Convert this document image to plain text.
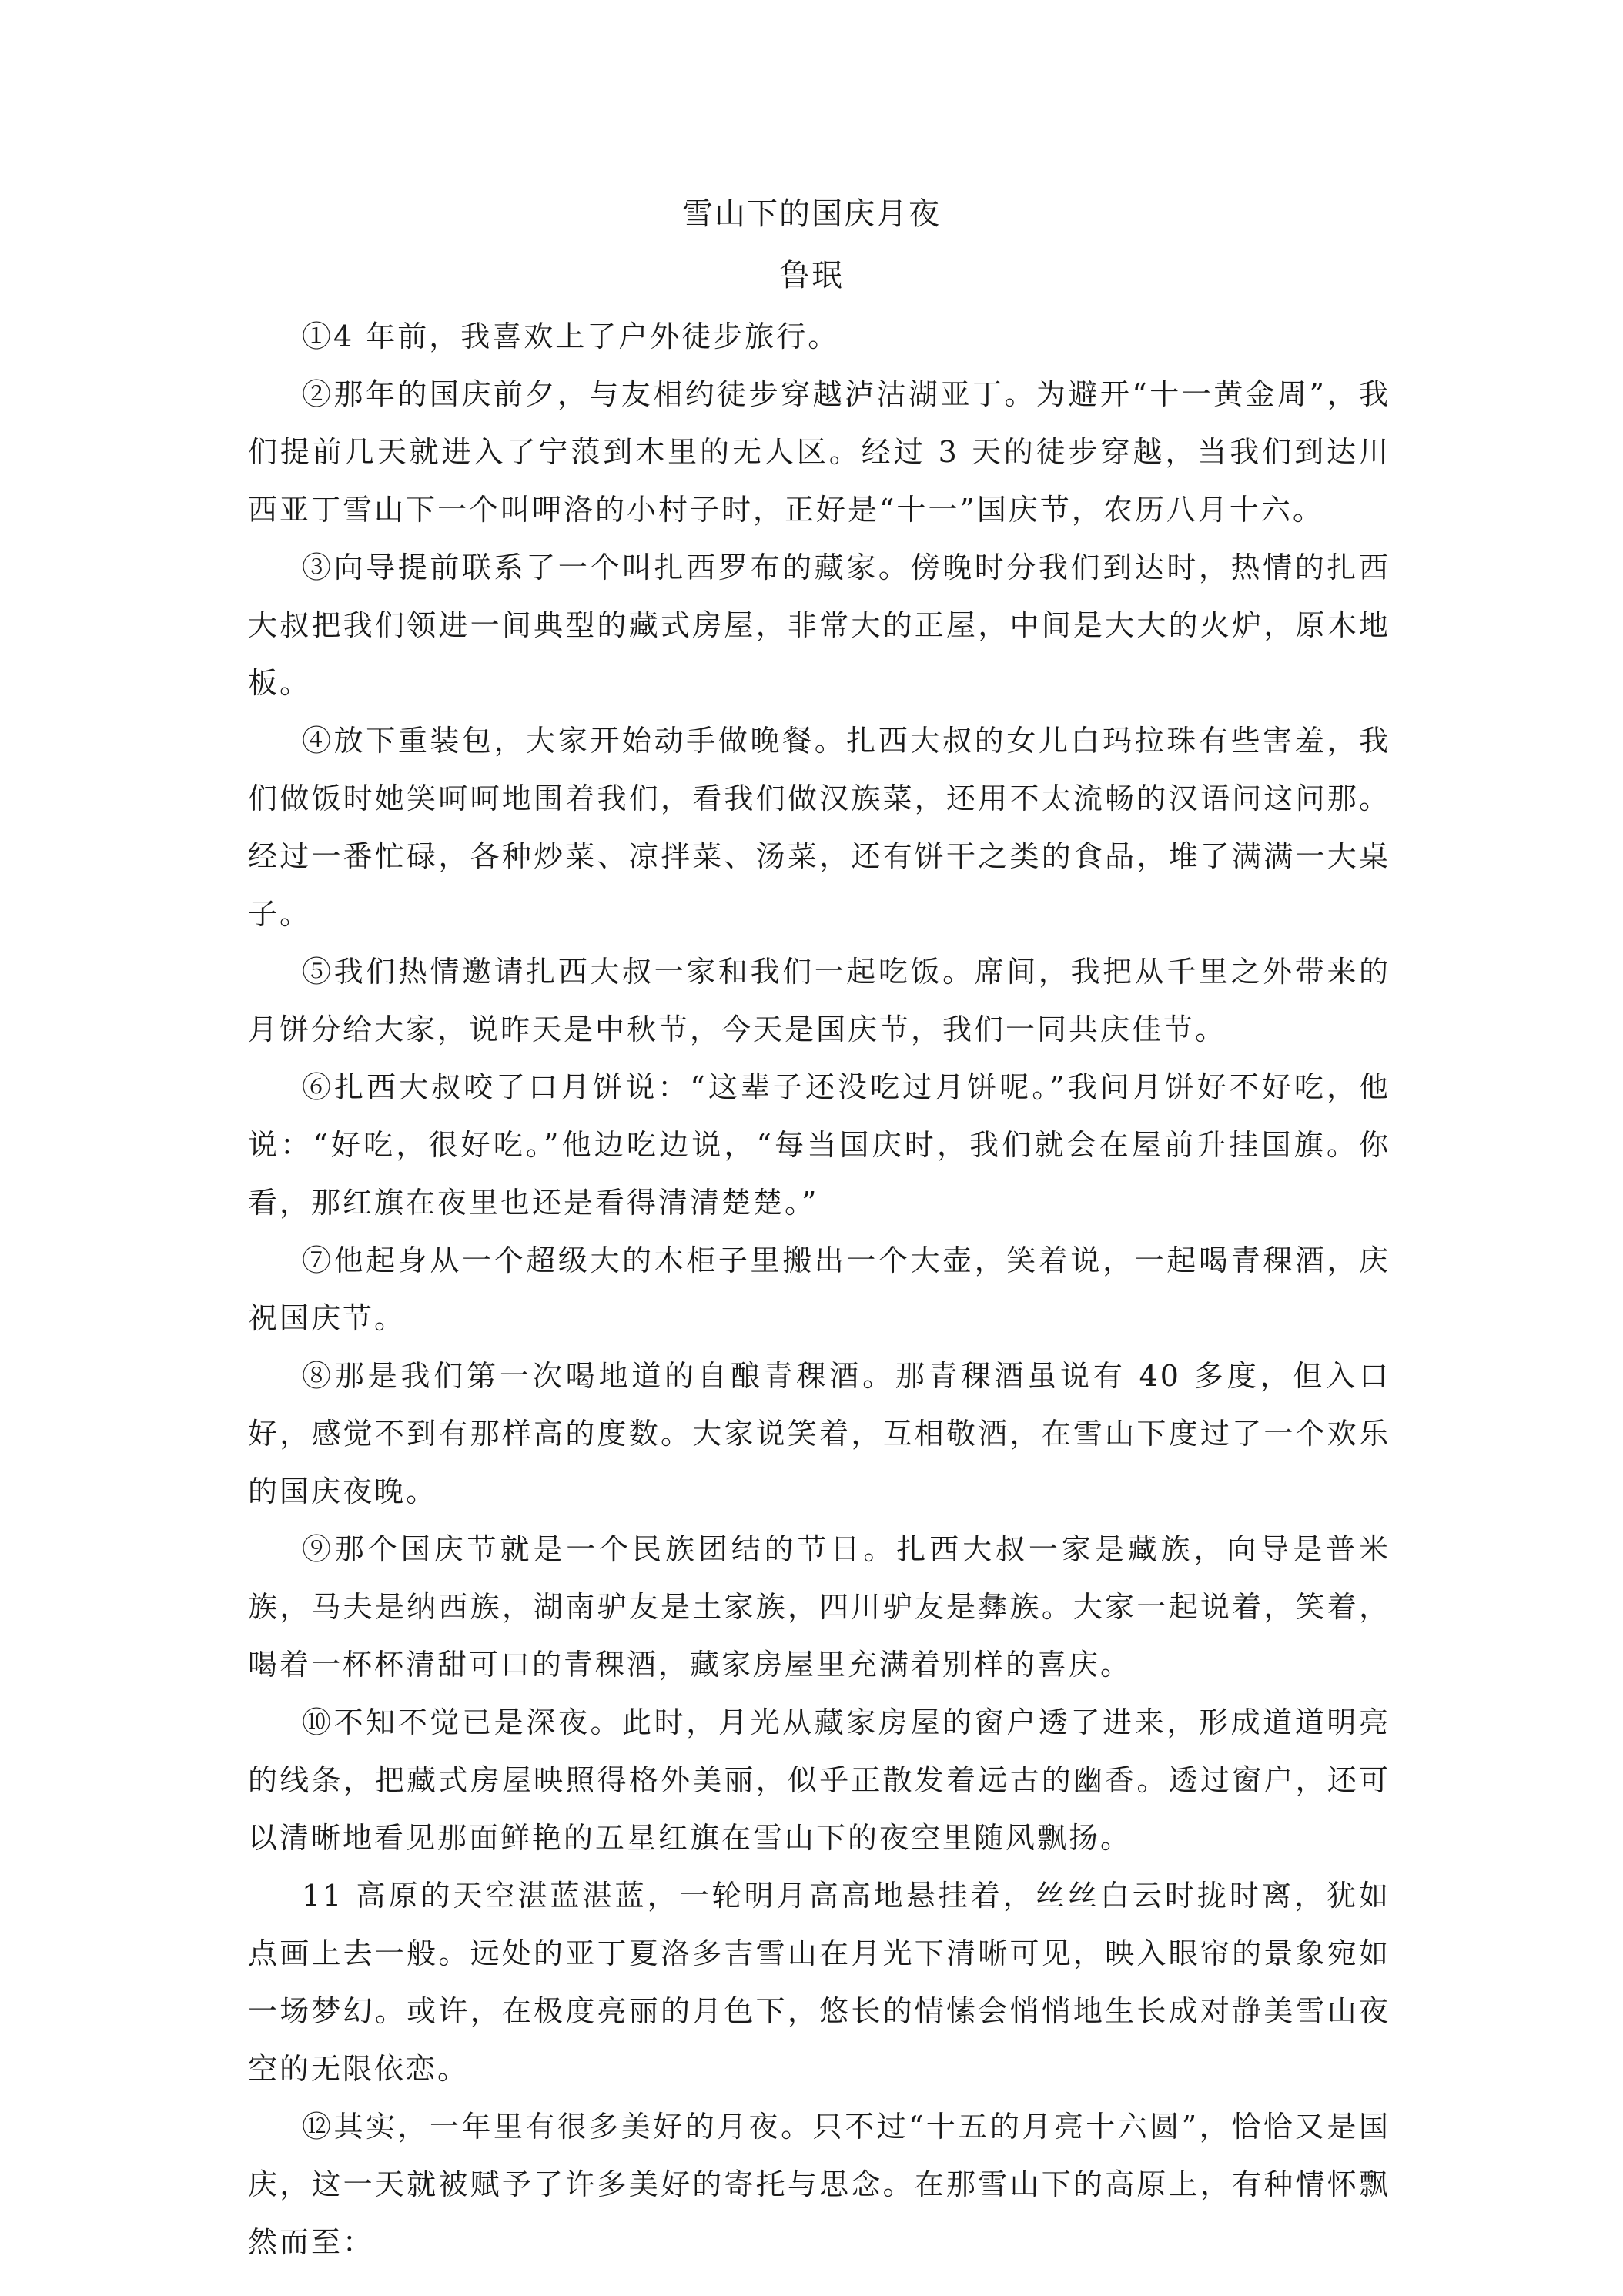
雪山下的国庆月夜
鲁珉

①4 年前，我喜欢上了户外徒步旅行。

②那年的国庆前夕，与友相约徒步穿越泸沽湖亚丁。为避开“十一黄金周”，我们提前几天就进入了宁蒗到木里的无人区。经过 3 天的徒步穿越，当我们到达川西亚丁雪山下一个叫呷洛的小村子时，正好是“十一”国庆节，农历八月十六。

③向导提前联系了一个叫扎西罗布的藏家。傍晚时分我们到达时，热情的扎西大叔把我们领进一间典型的藏式房屋，非常大的正屋，中间是大大的火炉，原木地板。

④放下重装包，大家开始动手做晚餐。扎西大叔的女儿白玛拉珠有些害羞，我们做饭时她笑呵呵地围着我们，看我们做汉族菜，还用不太流畅的汉语问这问那。经过一番忙碌，各种炒菜、凉拌菜、汤菜，还有饼干之类的食品，堆了满满一大桌子。

⑤我们热情邀请扎西大叔一家和我们一起吃饭。席间，我把从千里之外带来的月饼分给大家，说昨天是中秋节，今天是国庆节，我们一同共庆佳节。

⑥扎西大叔咬了口月饼说：“这辈子还没吃过月饼呢。”我问月饼好不好吃，他说：“好吃，很好吃。”他边吃边说，“每当国庆时，我们就会在屋前升挂国旗。你看，那红旗在夜里也还是看得清清楚楚。”

⑦他起身从一个超级大的木柜子里搬出一个大壶，笑着说，一起喝青稞酒，庆祝国庆节。

⑧那是我们第一次喝地道的自酿青稞酒。那青稞酒虽说有 40 多度，但入口好，感觉不到有那样高的度数。大家说笑着，互相敬酒，在雪山下度过了一个欢乐的国庆夜晚。

⑨那个国庆节就是一个民族团结的节日。扎西大叔一家是藏族，向导是普米族，马夫是纳西族，湖南驴友是土家族，四川驴友是彝族。大家一起说着，笑着，喝着一杯杯清甜可口的青稞酒，藏家房屋里充满着别样的喜庆。

⑩不知不觉已是深夜。此时，月光从藏家房屋的窗户透了进来，形成道道明亮的线条，把藏式房屋映照得格外美丽，似乎正散发着远古的幽香。透过窗户，还可以清晰地看见那面鲜艳的五星红旗在雪山下的夜空里随风飘扬。

11 高原的天空湛蓝湛蓝，一轮明月高高地悬挂着，丝丝白云时拢时离，犹如点画上去一般。远处的亚丁夏洛多吉雪山在月光下清晰可见，映入眼帘的景象宛如一场梦幻。或许，在极度亮丽的月色下，悠长的情愫会悄悄地生长成对静美雪山夜空的无限依恋。

⑫其实，一年里有很多美好的月夜。只不过“十五的月亮十六圆”，恰恰又是国庆，这一天就被赋予了许多美好的寄托与思念。在那雪山下的高原上，有种情怀飘然而至：
